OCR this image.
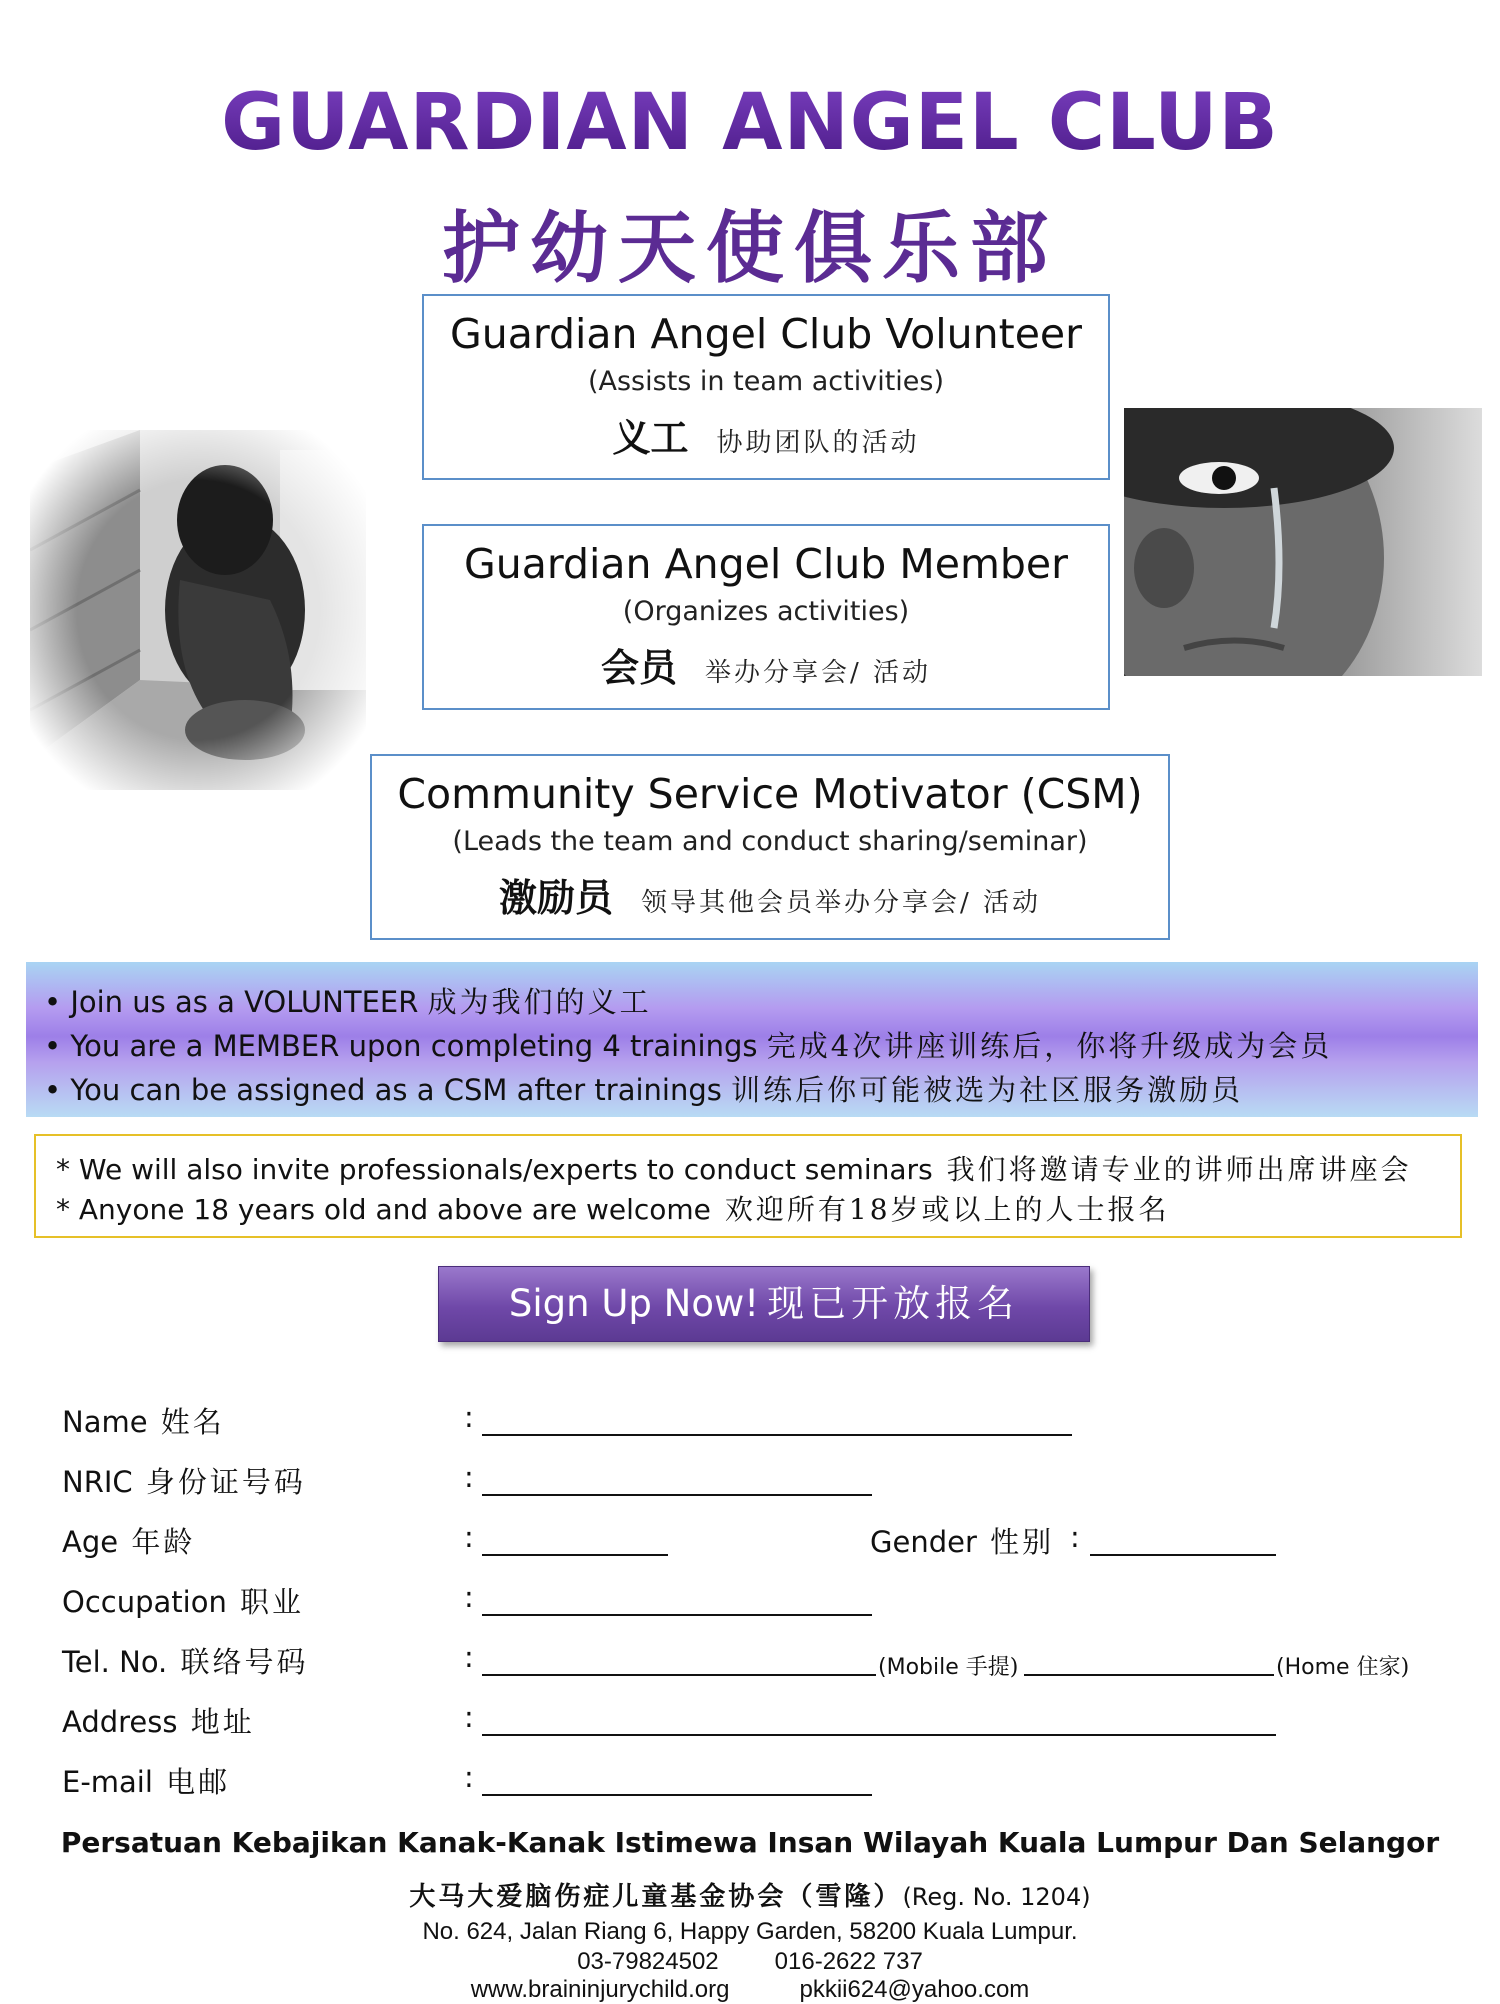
GUARDIAN ANGEL CLUB
护幼天使俱乐部
Guardian Angel Club Volunteer
(Assists in team activities)
义工 协助团队的活动
Guardian Angel Club Member
(Organizes activities)
会员 举办分享会/ 活动
Community Service Motivator (CSM)
(Leads the team and conduct sharing/seminar)
激励员 领导其他会员举办分享会/ 活动
• Join us as a VOLUNTEER 成为我们的义工
• You are a MEMBER upon completing 4 trainings 完成4次讲座训练后，你将升级成为会员
• You can be assigned as a CSM after trainings 训练后你可能被选为社区服务激励员
* We will also invite professionals/experts to conduct seminars 我们将邀请专业的讲师出席讲座会
* Anyone 18 years old and above are welcome 欢迎所有18岁或以上的人士报名
Sign Up Now! 现已开放报名
Name 姓名	:
NRIC 身份证号码	:
Age 年龄	:	Gender 性别 :
Occupation 职业	:
Tel. No. 联络号码	:	(Mobile 手提)	(Home 住家)
Address 地址	:
E-mail 电邮	:
Persatuan Kebajikan Kanak-Kanak Istimewa Insan Wilayah Kuala Lumpur Dan Selangor
大马大爱脑伤症儿童基金协会（雪隆）(Reg. No. 1204)
No. 624, Jalan Riang 6, Happy Garden, 58200 Kuala Lumpur.
03-79824502 016-2622 737
www.braininjurychild.org	pkkii624@yahoo.com
